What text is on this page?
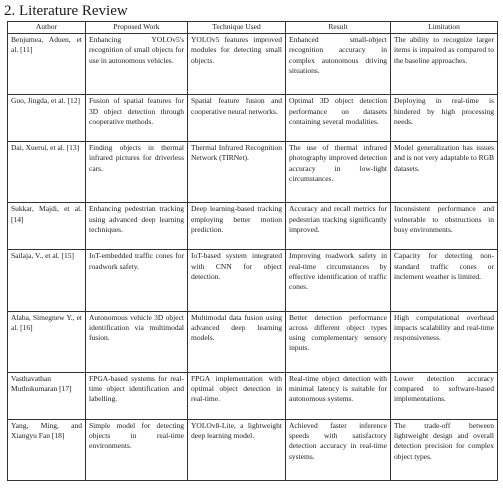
2. Literature Review
Author	Proposed Work	Technique Used	Result	Limitation
Benjumea, Aduen, et al. [11]	Enhancing YOLOv5's recognition of small objects for use in autonomous vehicles.	YOLOv5 features improved modules for detecting small objects.	Enhanced small-object recognition accuracy in complex autonomous driving situations.	The ability to recognize larger items is impaired as compared to the baseline approaches.
Guo, Jingda, et al. [12]	Fusion of spatial features for 3D object detection through cooperative methods.	Spatial feature fusion and cooperative neural networks.	Optimal 3D object detection performance on datasets containing several modalities.	Deploying in real-time is hindered by high processing needs.
Dai, Xuerui, et al. [13]	Finding objects in thermal infrared pictures for driverless cars.	Thermal Infrared Recognition Network (TIRNet).	The use of thermal infrared photography improved detection accuracy in low-light circumstances.	Model generalization has issues and is not very adaptable to RGB datasets.
Sukkar, Majdi, et al. [14]	Enhancing pedestrian tracking using advanced deep learning techniques.	Deep learning-based tracking employing better motion prediction.	Accuracy and recall metrics for pedestrian tracking significantly improved.	Inconsistent performance and vulnerable to obstructions in busy environments.
Sailaja, V., et al. [15]	IoT-embedded traffic cones for roadwork safety.	IoT-based system integrated with CNN for object detection.	Improving roadwork safety in real-time circumstances by effective identification of traffic cones.	Capacity for detecting non-standard traffic cones or inclement weather is limited.
Alaba, Simegnew Y., et al. [16]	Autonomous vehicle 3D object identification via multimodal fusion.	Multimodal data fusion using advanced deep learning models.	Better detection performance across different object types using complementary sensory inputs.	High computational overhead impacts scalability and real-time responsiveness.
Vasthavathan Muthukumaran [17]	FPGA-based systems for real-time object identification and labelling.	FPGA implementation with optimal object detection in real-time.	Real-time object detection with minimal latency is suitable for autonomous systems.	Lower detection accuracy compared to software-based implementations.
Yang, Ming, and Xiangyu Fan [18]	Simple model for detecting objects in real-time environments.	YOLOv8-Lite, a lightweight deep learning model.	Achieved faster inference speeds with satisfactory detection accuracy in real-time systems.	The trade-off between lightweight design and overall detection precision for complex object types.
